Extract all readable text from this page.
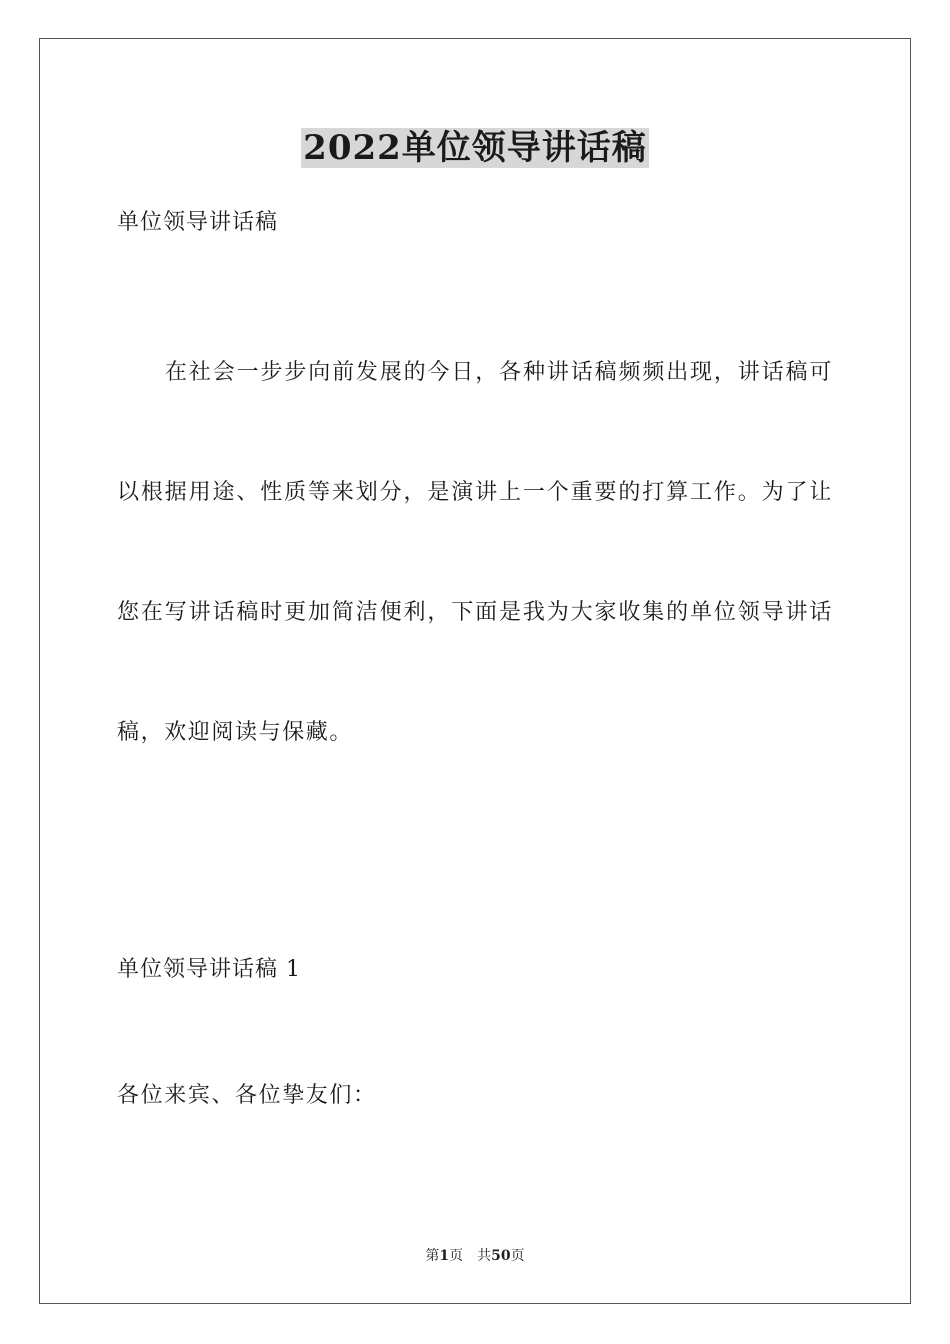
2022单位领导讲话稿
单位领导讲话稿

在社会一步步向前发展的今日，各种讲话稿频频出现，讲话稿可以根据用途、性质等来划分，是演讲上一个重要的打算工作。为了让您在写讲话稿时更加简洁便利，下面是我为大家收集的单位领导讲话稿，欢迎阅读与保藏。

单位领导讲话稿 1
各位来宾、各位挚友们：
第1页　共50页
